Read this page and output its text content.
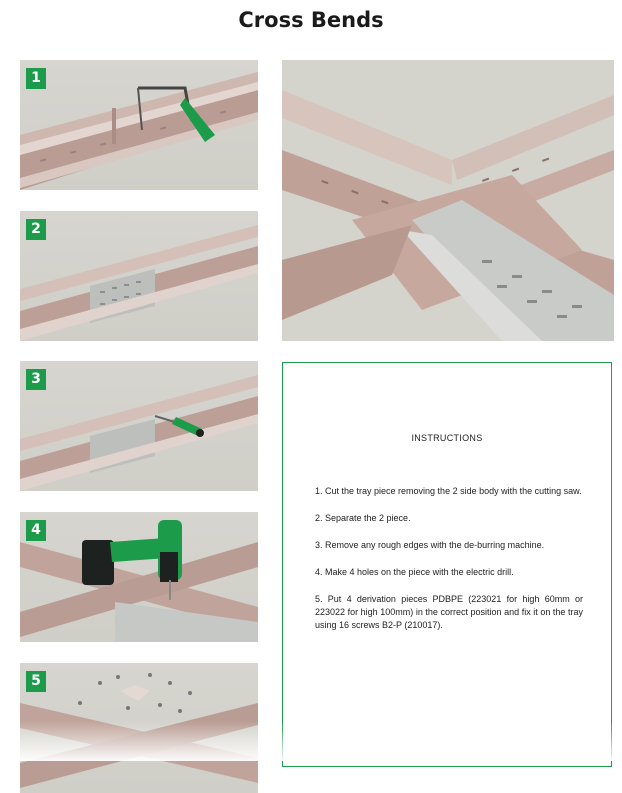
Cross Bends
1
2
3
4
5
INSTRUCTIONS
1. Cut the tray piece removing the 2 side body with the cutting saw.
2. Separate the 2 piece.
3. Remove any rough edges with the de-burring machine.
4. Make 4 holes on the piece with the electric drill.
5. Put 4 derivation pieces PDBPE (223021 for high 60mm or 223022 for high 100mm) in the correct position and fix it on the tray using 16 screws B2-P (210017).
